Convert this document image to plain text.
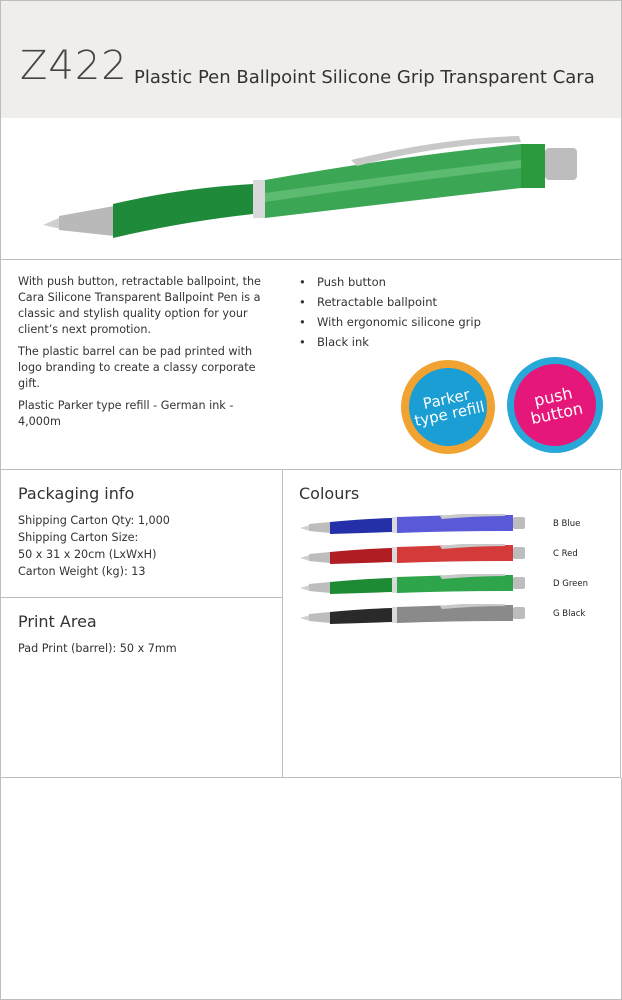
Z422 Plastic Pen Ballpoint Silicone Grip Transparent Cara

With push button, retractable ballpoint, the Cara Silicone Transparent Ballpoint Pen is a classic and stylish quality option for your client’s next promotion.

The plastic barrel can be pad printed with logo branding to create a classy corporate gift.

Plastic Parker type refill - German ink - 4,000m

• Push button
• Retractable ballpoint
• With ergonomic silicone grip
• Black ink
Parker type refill
push button
Packaging info
Shipping Carton Qty: 1,000
Shipping Carton Size:
50 x 31 x 20cm (LxWxH)
Carton Weight (kg): 13
Print Area
Pad Print (barrel): 50 x 7mm
Colours
B Blue
C Red
D Green
G Black
